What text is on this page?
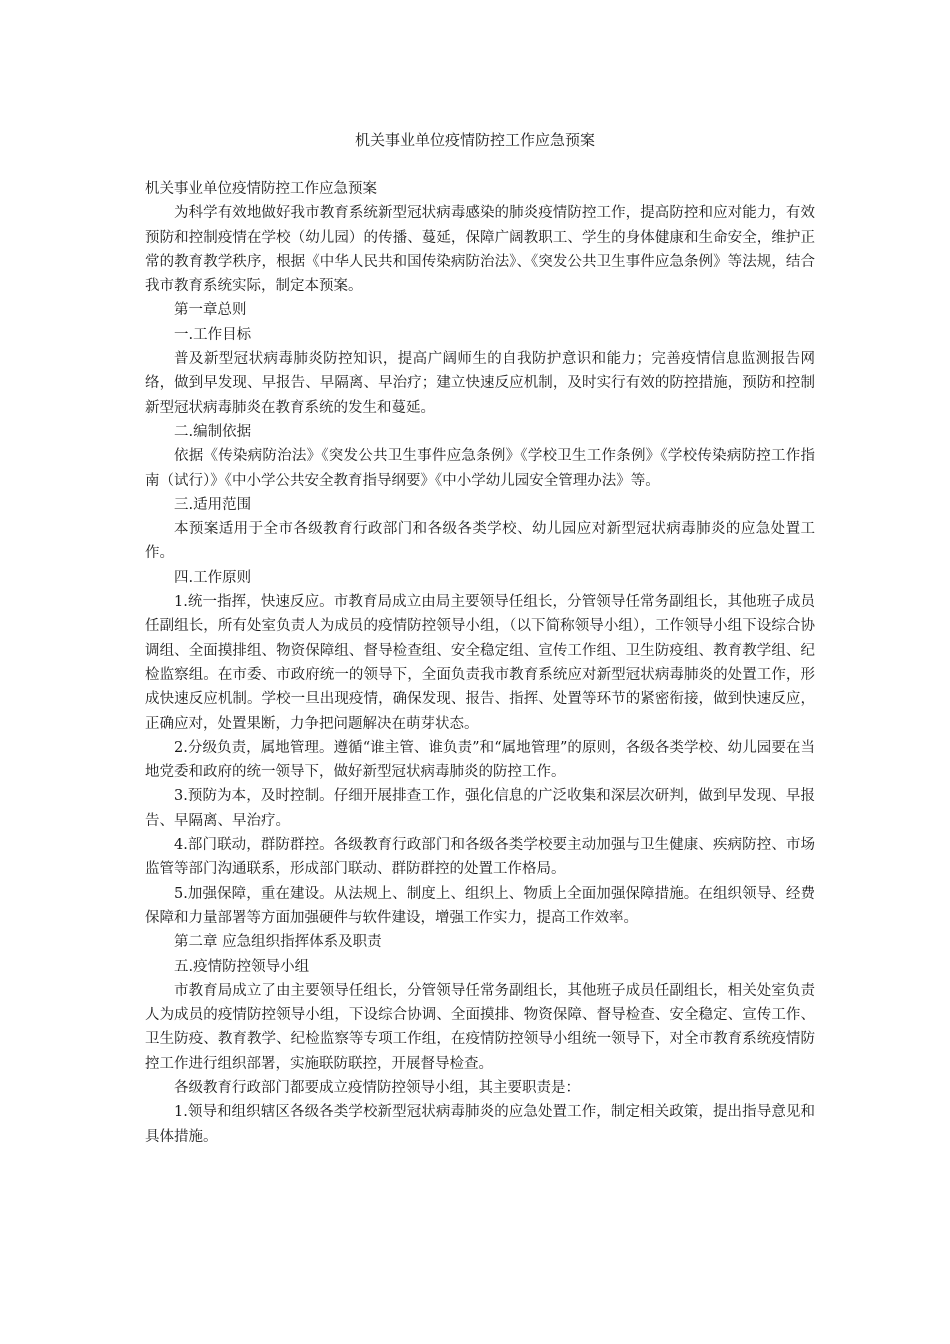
机关事业单位疫情防控工作应急预案

机关事业单位疫情防控工作应急预案

为科学有效地做好我市教育系统新型冠状病毒感染的肺炎疫情防控工作，提高防控和应对能力，有效预防和控制疫情在学校（幼儿园）的传播、蔓延，保障广阔教职工、学生的身体健康和生命安全，维护正常的教育教学秩序，根据《中华人民共和国传染病防治法》、《突发公共卫生事件应急条例》等法规，结合我市教育系统实际，制定本预案。

第一章总则

一.工作目标

普及新型冠状病毒肺炎防控知识，提高广阔师生的自我防护意识和能力；完善疫情信息监测报告网络，做到早发现、早报告、早隔离、早治疗；建立快速反应机制，及时实行有效的防控措施，预防和控制新型冠状病毒肺炎在教育系统的发生和蔓延。

二.编制依据

依据《传染病防治法》《突发公共卫生事件应急条例》《学校卫生工作条例》《学校传染病防控工作指南（试行）》《中小学公共安全教育指导纲要》《中小学幼儿园安全管理办法》等。

三.适用范围

本预案适用于全市各级教育行政部门和各级各类学校、幼儿园应对新型冠状病毒肺炎的应急处置工作。

四.工作原则

1.统一指挥，快速反应。市教育局成立由局主要领导任组长，分管领导任常务副组长，其他班子成员任副组长，所有处室负责人为成员的疫情防控领导小组，（以下简称领导小组），工作领导小组下设综合协调组、全面摸排组、物资保障组、督导检查组、安全稳定组、宣传工作组、卫生防疫组、教育教学组、纪检监察组。在市委、市政府统一的领导下，全面负责我市教育系统应对新型冠状病毒肺炎的处置工作，形成快速反应机制。学校一旦出现疫情，确保发现、报告、指挥、处置等环节的紧密衔接，做到快速反应，正确应对，处置果断，力争把问题解决在萌芽状态。

2.分级负责，属地管理。遵循“谁主管、谁负责”和“属地管理”的原则，各级各类学校、幼儿园要在当地党委和政府的统一领导下，做好新型冠状病毒肺炎的防控工作。

3.预防为本，及时控制。仔细开展排查工作，强化信息的广泛收集和深层次研判，做到早发现、早报告、早隔离、早治疗。

4.部门联动，群防群控。各级教育行政部门和各级各类学校要主动加强与卫生健康、疾病防控、市场监管等部门沟通联系，形成部门联动、群防群控的处置工作格局。

5.加强保障，重在建设。从法规上、制度上、组织上、物质上全面加强保障措施。在组织领导、经费保障和力量部署等方面加强硬件与软件建设，增强工作实力，提高工作效率。

第二章 应急组织指挥体系及职责

五.疫情防控领导小组

市教育局成立了由主要领导任组长，分管领导任常务副组长，其他班子成员任副组长，相关处室负责人为成员的疫情防控领导小组，下设综合协调、全面摸排、物资保障、督导检查、安全稳定、宣传工作、卫生防疫、教育教学、纪检监察等专项工作组，在疫情防控领导小组统一领导下，对全市教育系统疫情防控工作进行组织部署，实施联防联控，开展督导检查。

各级教育行政部门都要成立疫情防控领导小组，其主要职责是：

1.领导和组织辖区各级各类学校新型冠状病毒肺炎的应急处置工作，制定相关政策，提出指导意见和具体措施。
